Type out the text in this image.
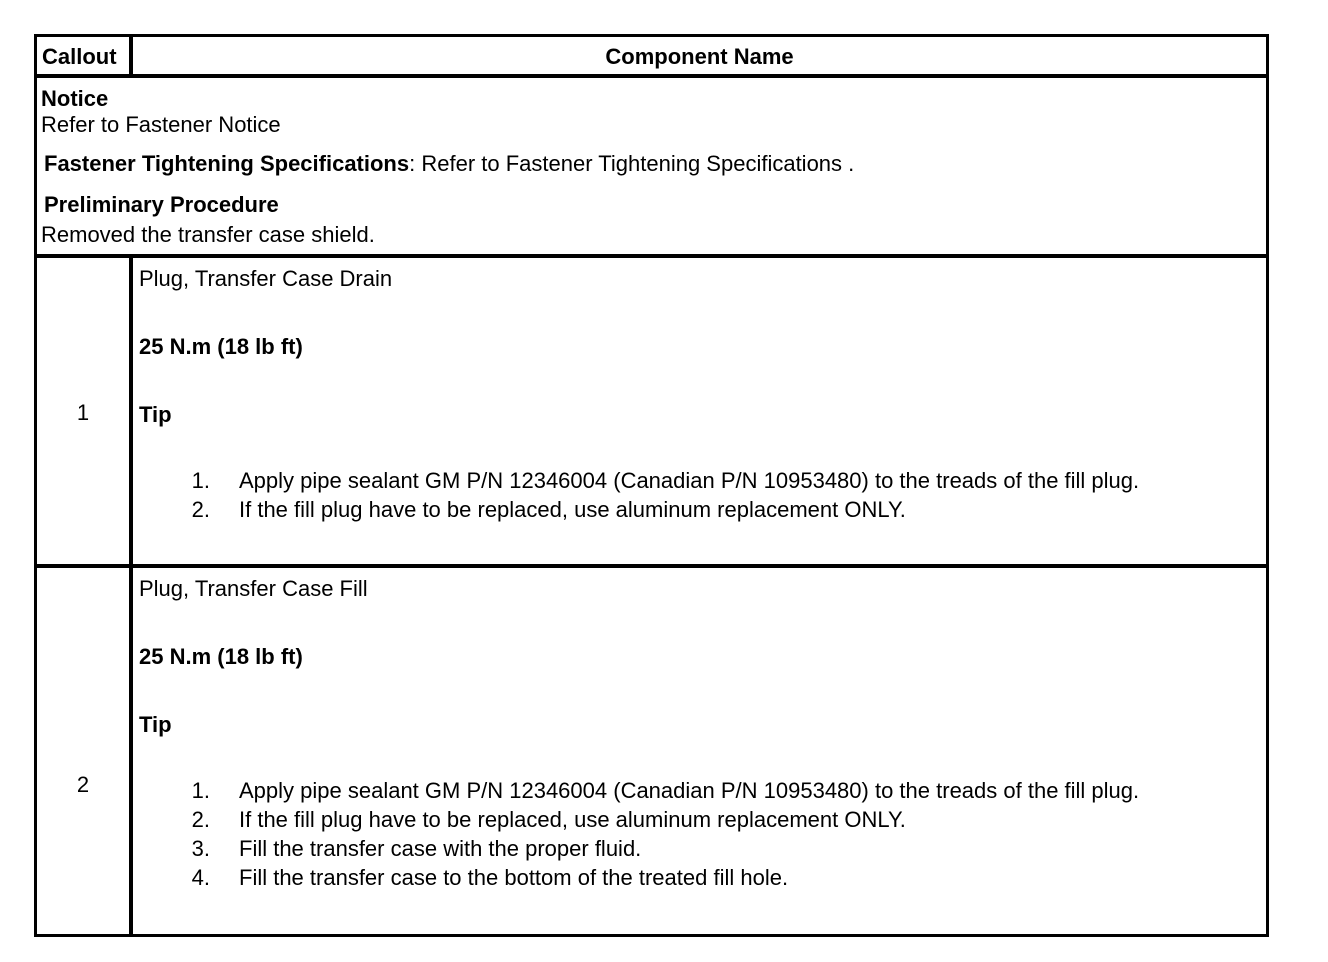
Callout	Component Name
Notice
Refer to Fastener Notice
Fastener Tightening Specifications: Refer to Fastener Tightening Specifications .
Preliminary Procedure
Removed the transfer case shield.
1
Plug, Transfer Case Drain
25 N.m (18 lb ft)
Tip
1. Apply pipe sealant GM P/N 12346004 (Canadian P/N 10953480) to the treads of the fill plug.
2. If the fill plug have to be replaced, use aluminum replacement ONLY.
2
Plug, Transfer Case Fill
25 N.m (18 lb ft)
Tip
1. Apply pipe sealant GM P/N 12346004 (Canadian P/N 10953480) to the treads of the fill plug.
2. If the fill plug have to be replaced, use aluminum replacement ONLY.
3. Fill the transfer case with the proper fluid.
4. Fill the transfer case to the bottom of the treated fill hole.
